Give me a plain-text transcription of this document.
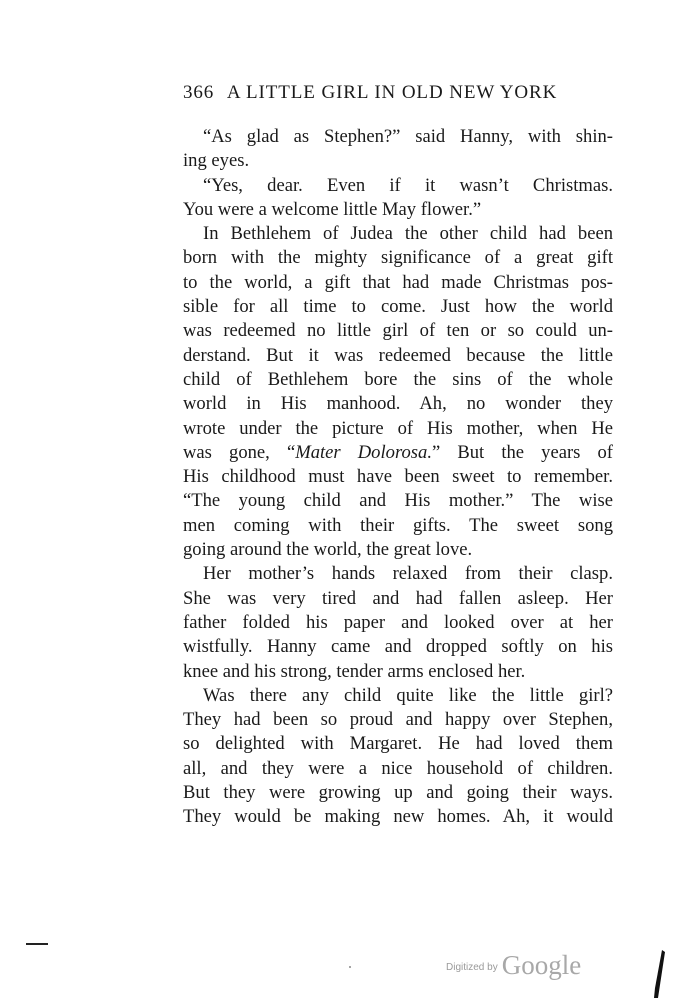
366 A LITTLE GIRL IN OLD NEW YORK
“As glad as Stephen?” said Hanny, with shin-
ing eyes.
“Yes, dear. Even if it wasn’t Christmas.
You were a welcome little May flower.”
In Bethlehem of Judea the other child had been
born with the mighty significance of a great gift
to the world, a gift that had made Christmas pos-
sible for all time to come. Just how the world
was redeemed no little girl of ten or so could un-
derstand. But it was redeemed because the little
child of Bethlehem bore the sins of the whole
world in His manhood. Ah, no wonder they
wrote under the picture of His mother, when He
was gone, “Mater Dolorosa.” But the years of
His childhood must have been sweet to remember.
“The young child and His mother.” The wise
men coming with their gifts. The sweet song
going around the world, the great love.
Her mother’s hands relaxed from their clasp.
She was very tired and had fallen asleep. Her
father folded his paper and looked over at her
wistfully. Hanny came and dropped softly on his
knee and his strong, tender arms enclosed her.
Was there any child quite like the little girl?
They had been so proud and happy over Stephen,
so delighted with Margaret. He had loved them
all, and they were a nice household of children.
But they were growing up and going their ways.
They would be making new homes. Ah, it would
$^{Digitized by}$ Google
